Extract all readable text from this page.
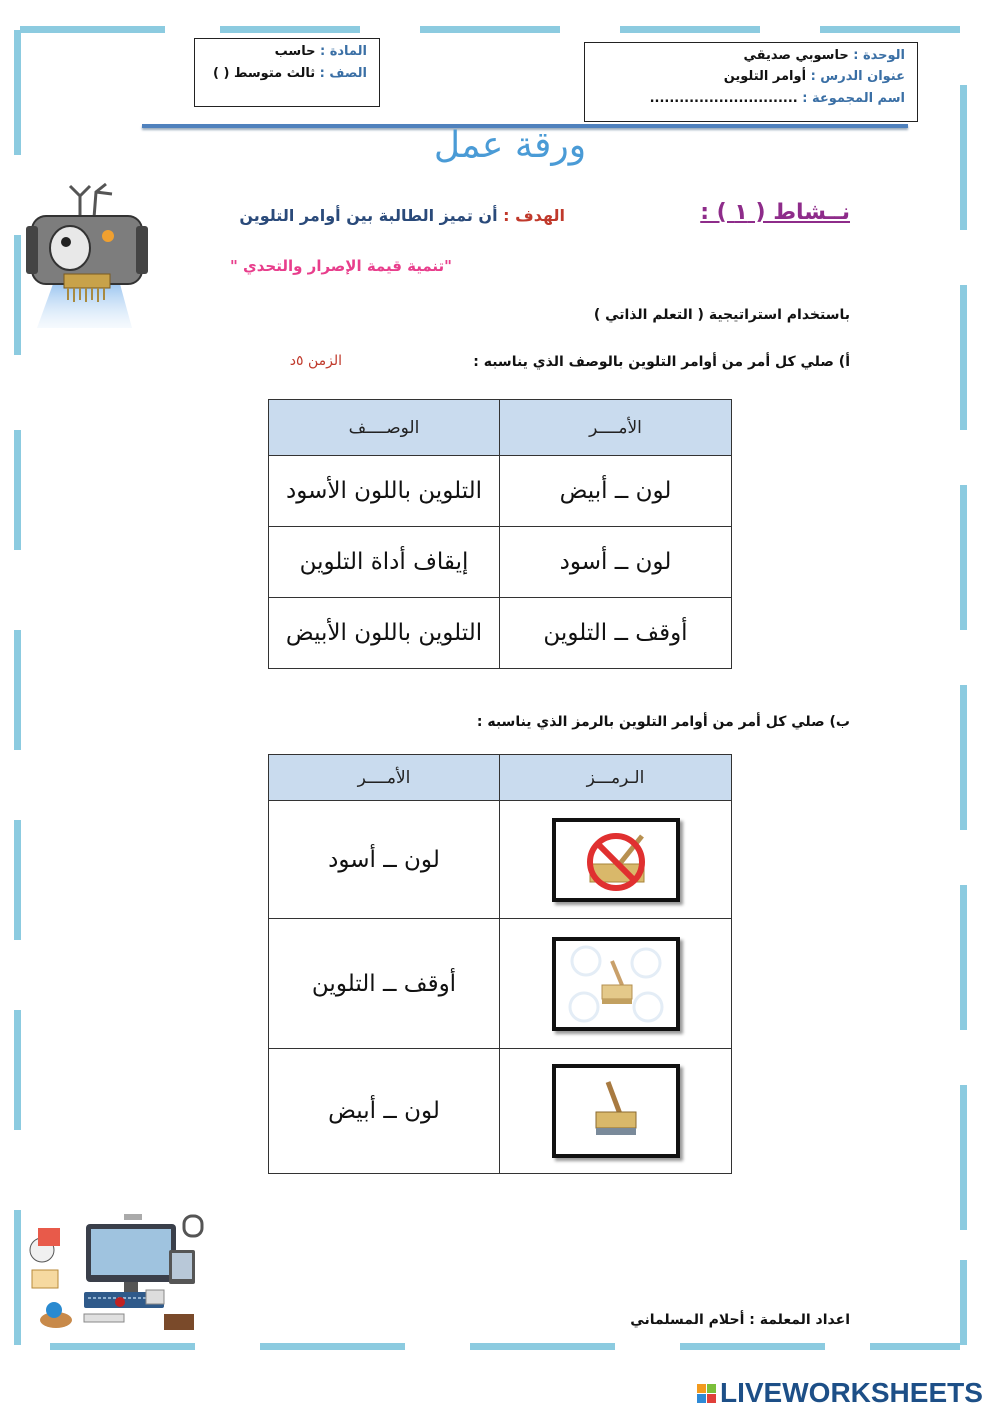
الوحدة : حاسوبي صديقي
عنوان الدرس : أوامر التلوين
اسم المجموعة : ..............................
المادة : حاسب
الصف : ثالث متوسط ( )
ورقة عمل
نــشاط ( ١ ) :
الهدف : أن تميز الطالبة بين أوامر التلوين
"تنمية قيمة الإصرار والتحدي "
باستخدام استراتيجية ( التعلم الذاتي )
أ) صلي كل أمر من أوامر التلوين بالوصف الذي يناسبه :
الزمن ٥د
الأمــــر	الوصــــف
لون ــ أبيض	التلوين باللون الأسود
لون ــ أسود	إيقاف أداة التلوين
أوقف ــ التلوين	التلوين باللون الأبيض
ب) صلي كل أمر من أوامر التلوين بالرمز الذي يناسبه :
الـرمـــز	الأمــــر
	لون ــ أسود
	أوقف ــ التلوين
	لون ــ أبيض
اعداد المعلمة : أحلام المسلماني
LIVEWORKSHEETS
